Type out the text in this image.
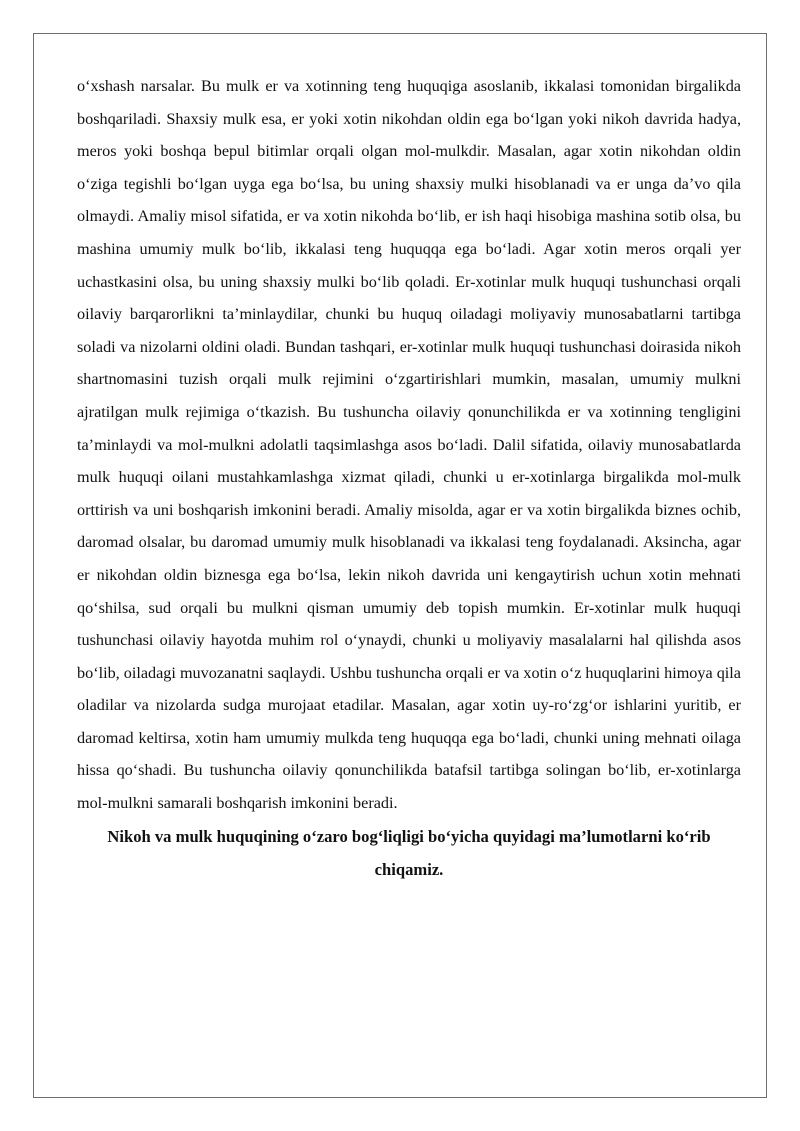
o‘xshash narsalar. Bu mulk er va xotinning teng huquqiga asoslanib, ikkalasi tomonidan birgalikda boshqariladi. Shaxsiy mulk esa, er yoki xotin nikohdan oldin ega bo‘lgan yoki nikoh davrida hadya, meros yoki boshqa bepul bitimlar orqali olgan mol-mulkdir. Masalan, agar xotin nikohdan oldin o‘ziga tegishli bo‘lgan uyga ega bo‘lsa, bu uning shaxsiy mulki hisoblanadi va er unga da’vo qila olmaydi. Amaliy misol sifatida, er va xotin nikohda bo‘lib, er ish haqi hisobiga mashina sotib olsa, bu mashina umumiy mulk bo‘lib, ikkalasi teng huquqqa ega bo‘ladi. Agar xotin meros orqali yer uchastkasini olsa, bu uning shaxsiy mulki bo‘lib qoladi. Er-xotinlar mulk huquqi tushunchasi orqali oilaviy barqarorlikni ta’minlaydilar, chunki bu huquq oiladagi moliyaviy munosabatlarni tartibga soladi va nizolarni oldini oladi. Bundan tashqari, er-xotinlar mulk huquqi tushunchasi doirasida nikoh shartnomasini tuzish orqali mulk rejimini o‘zgartirishlari mumkin, masalan, umumiy mulkni ajratilgan mulk rejimiga o‘tkazish. Bu tushuncha oilaviy qonunchilikda er va xotinning tengligini ta’minlaydi va mol-mulkni adolatli taqsimlashga asos bo‘ladi. Dalil sifatida, oilaviy munosabatlarda mulk huquqi oilani mustahkamlashga xizmat qiladi, chunki u er-xotinlarga birgalikda mol-mulk orttirish va uni boshqarish imkonini beradi. Amaliy misolda, agar er va xotin birgalikda biznes ochib, daromad olsalar, bu daromad umumiy mulk hisoblanadi va ikkalasi teng foydalanadi. Aksincha, agar er nikohdan oldin biznesga ega bo‘lsa, lekin nikoh davrida uni kengaytirish uchun xotin mehnati qo‘shilsa, sud orqali bu mulkni qisman umumiy deb topish mumkin. Er-xotinlar mulk huquqi tushunchasi oilaviy hayotda muhim rol o‘ynaydi, chunki u moliyaviy masalalarni hal qilishda asos bo‘lib, oiladagi muvozanatni saqlaydi. Ushbu tushuncha orqali er va xotin o‘z huquqlarini himoya qila oladilar va nizolarda sudga murojaat etadilar. Masalan, agar xotin uy-ro‘zg‘or ishlarini yuritib, er daromad keltirsa, xotin ham umumiy mulkda teng huquqqa ega bo‘ladi, chunki uning mehnati oilaga hissa qo‘shadi. Bu tushuncha oilaviy qonunchilikda batafsil tartibga solingan bo‘lib, er-xotinlarga mol-mulkni samarali boshqarish imkonini beradi.

Nikoh va mulk huquqining o‘zaro bog‘liqligi bo‘yicha quyidagi ma’lumotlarni ko‘rib chiqamiz.
